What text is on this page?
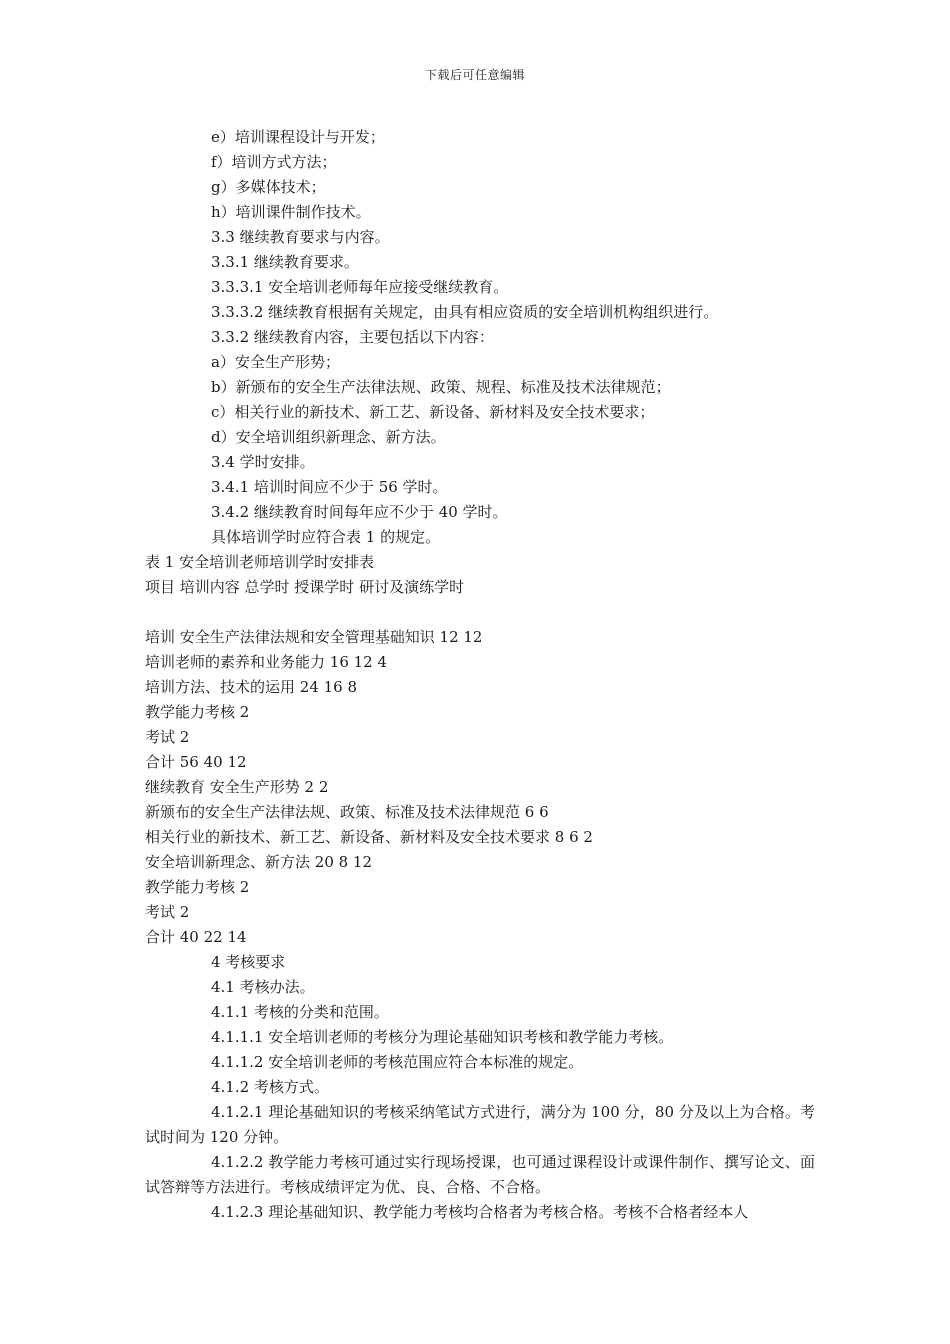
下载后可任意编辑
e）培训课程设计与开发；
f）培训方式方法；
g）多媒体技术；
h）培训课件制作技术。
3.3 继续教育要求与内容。
3.3.1 继续教育要求。
3.3.3.1 安全培训老师每年应接受继续教育。
3.3.3.2 继续教育根据有关规定，由具有相应资质的安全培训机构组织进行。
3.3.2 继续教育内容，主要包括以下内容：
a）安全生产形势；
b）新颁布的安全生产法律法规、政策、规程、标准及技术法律规范；
c）相关行业的新技术、新工艺、新设备、新材料及安全技术要求；
d）安全培训组织新理念、新方法。
3.4 学时安排。
3.4.1 培训时间应不少于 56 学时。
3.4.2 继续教育时间每年应不少于 40 学时。
具体培训学时应符合表 1 的规定。
表 1 安全培训老师培训学时安排表
项目 培训内容 总学时 授课学时 研讨及演练学时
培训 安全生产法律法规和安全管理基础知识 12 12
培训老师的素养和业务能力 16 12 4
培训方法、技术的运用 24 16 8
教学能力考核 2
考试 2
合计 56 40 12
继续教育 安全生产形势 2 2
新颁布的安全生产法律法规、政策、标准及技术法律规范 6 6
相关行业的新技术、新工艺、新设备、新材料及安全技术要求 8 6 2
安全培训新理念、新方法 20 8 12
教学能力考核 2
考试 2
合计 40 22 14
4 考核要求
4.1 考核办法。
4.1.1 考核的分类和范围。
4.1.1.1 安全培训老师的考核分为理论基础知识考核和教学能力考核。
4.1.1.2 安全培训老师的考核范围应符合本标准的规定。
4.1.2 考核方式。
4.1.2.1 理论基础知识的考核采纳笔试方式进行，满分为 100 分，80 分及以上为合格。考试时间为 120 分钟。
4.1.2.2 教学能力考核可通过实行现场授课，也可通过课程设计或课件制作、撰写论文、面试答辩等方法进行。考核成绩评定为优、良、合格、不合格。
4.1.2.3 理论基础知识、教学能力考核均合格者为考核合格。考核不合格者经本人
